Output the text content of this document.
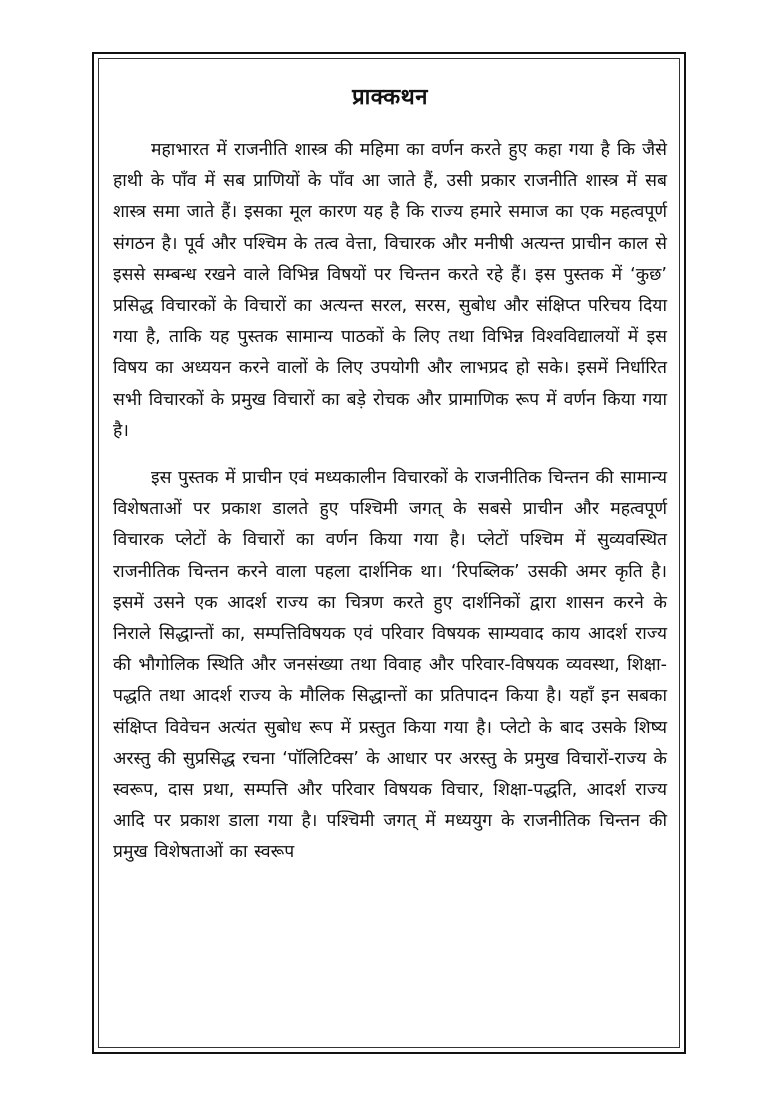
प्राक्कथन

महाभारत में राजनीति शास्त्र की महिमा का वर्णन करते हुए कहा गया है कि जैसे हाथी के पाँव में सब प्राणियों के पाँव आ जाते हैं, उसी प्रकार राजनीति शास्त्र में सब शास्त्र समा जाते हैं। इसका मूल कारण यह है कि राज्य हमारे समाज का एक महत्वपूर्ण संगठन है। पूर्व और पश्चिम के तत्व वेत्ता, विचारक और मनीषी अत्यन्त प्राचीन काल से इससे सम्बन्ध रखने वाले विभिन्न विषयों पर चिन्तन करते रहे हैं। इस पुस्तक में ‘कुछ’ प्रसिद्ध विचारकों के विचारों का अत्यन्त सरल, सरस, सुबोध और संक्षिप्त परिचय दिया गया है, ताकि यह पुस्तक सामान्य पाठकों के लिए तथा विभिन्न विश्वविद्यालयों में इस विषय का अध्ययन करने वालों के लिए उपयोगी और लाभप्रद हो सके। इसमें निर्धारित सभी विचारकों के प्रमुख विचारों का बड़े रोचक और प्रामाणिक रूप में वर्णन किया गया है।

इस पुस्तक में प्राचीन एवं मध्यकालीन विचारकों के राजनीतिक चिन्तन की सामान्य विशेषताओं पर प्रकाश डालते हुए पश्चिमी जगत् के सबसे प्राचीन और महत्वपूर्ण विचारक प्लेटों के विचारों का वर्णन किया गया है। प्लेटों पश्चिम में सुव्यवस्थित राजनीतिक चिन्तन करने वाला पहला दार्शनिक था। ‘रिपब्लिक’ उसकी अमर कृति है। इसमें उसने एक आदर्श राज्य का चित्रण करते हुए दार्शनिकों द्वारा शासन करने के निराले सिद्धान्तों का, सम्पत्तिविषयक एवं परिवार विषयक साम्यवाद काय आदर्श राज्य की भौगोलिक स्थिति और जनसंख्या तथा विवाह और परिवार-विषयक व्यवस्था, शिक्षा-पद्धति तथा आदर्श राज्य के मौलिक सिद्धान्तों का प्रतिपादन किया है। यहाँ इन सबका संक्षिप्त विवेचन अत्यंत सुबोध रूप में प्रस्तुत किया गया है। प्लेटो के बाद उसके शिष्य अरस्तु की सुप्रसिद्ध रचना ‘पॉलिटिक्स’ के आधार पर अरस्तु के प्रमुख विचारों-राज्य के स्वरूप, दास प्रथा, सम्पत्ति और परिवार विषयक विचार, शिक्षा-पद्धति, आदर्श राज्य आदि पर प्रकाश डाला गया है। पश्चिमी जगत् में मध्ययुग के राजनीतिक चिन्तन की प्रमुख विशेषताओं का स्वरूप
